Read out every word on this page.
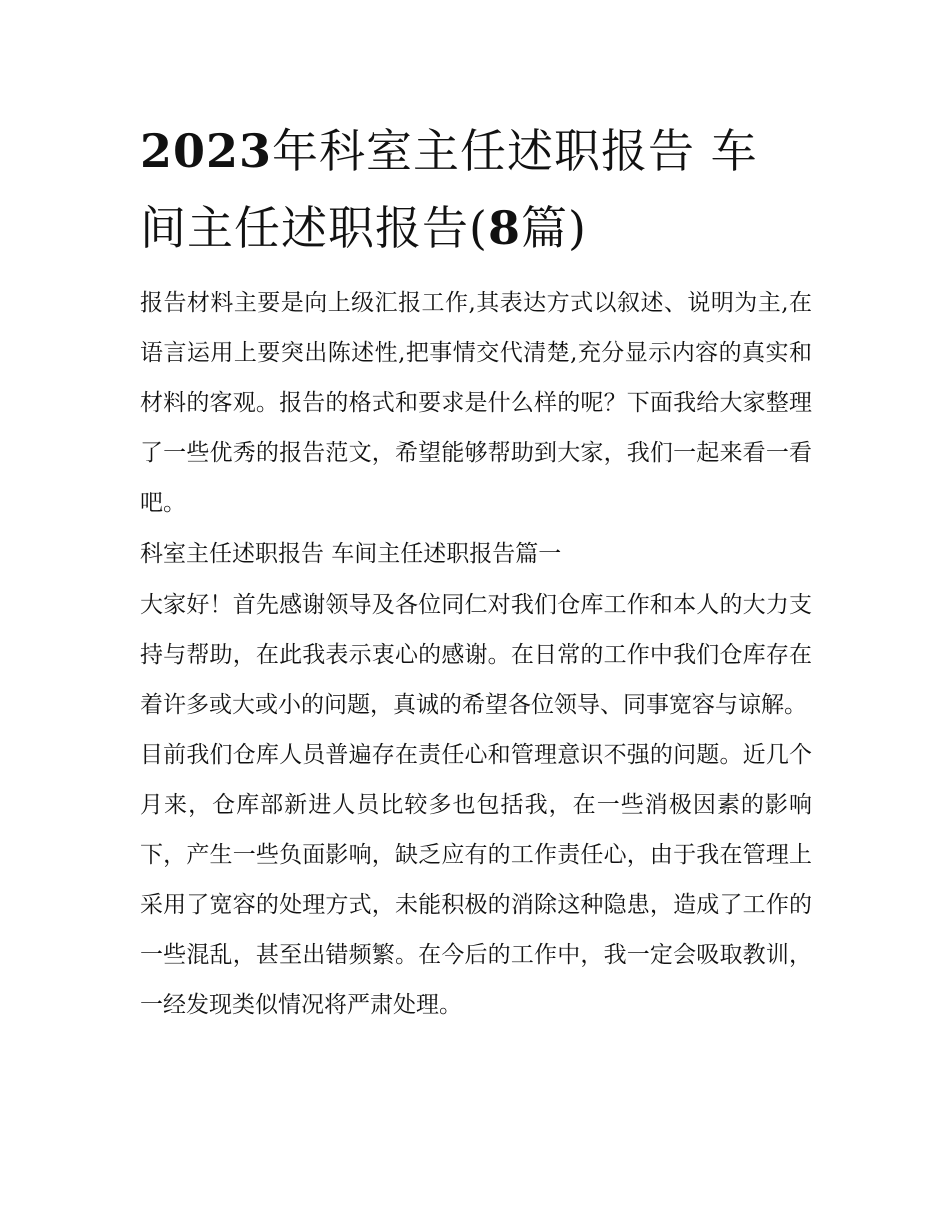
2023年科室主任述职报告 车
间主任述职报告(8篇)

报告材料主要是向上级汇报工作,其表达方式以叙述、说明为主,在语言运用上要突出陈述性,把事情交代清楚,充分显示内容的真实和材料的客观。报告的格式和要求是什么样的呢？下面我给大家整理了一些优秀的报告范文，希望能够帮助到大家，我们一起来看一看吧。

科室主任述职报告 车间主任述职报告篇一

大家好！首先感谢领导及各位同仁对我们仓库工作和本人的大力支持与帮助，在此我表示衷心的感谢。在日常的工作中我们仓库存在着许多或大或小的问题，真诚的希望各位领导、同事宽容与谅解。

目前我们仓库人员普遍存在责任心和管理意识不强的问题。近几个月来，仓库部新进人员比较多也包括我，在一些消极因素的影响下，产生一些负面影响，缺乏应有的工作责任心，由于我在管理上采用了宽容的处理方式，未能积极的消除这种隐患，造成了工作的一些混乱，甚至出错频繁。在今后的工作中，我一定会吸取教训，一经发现类似情况将严肃处理。
